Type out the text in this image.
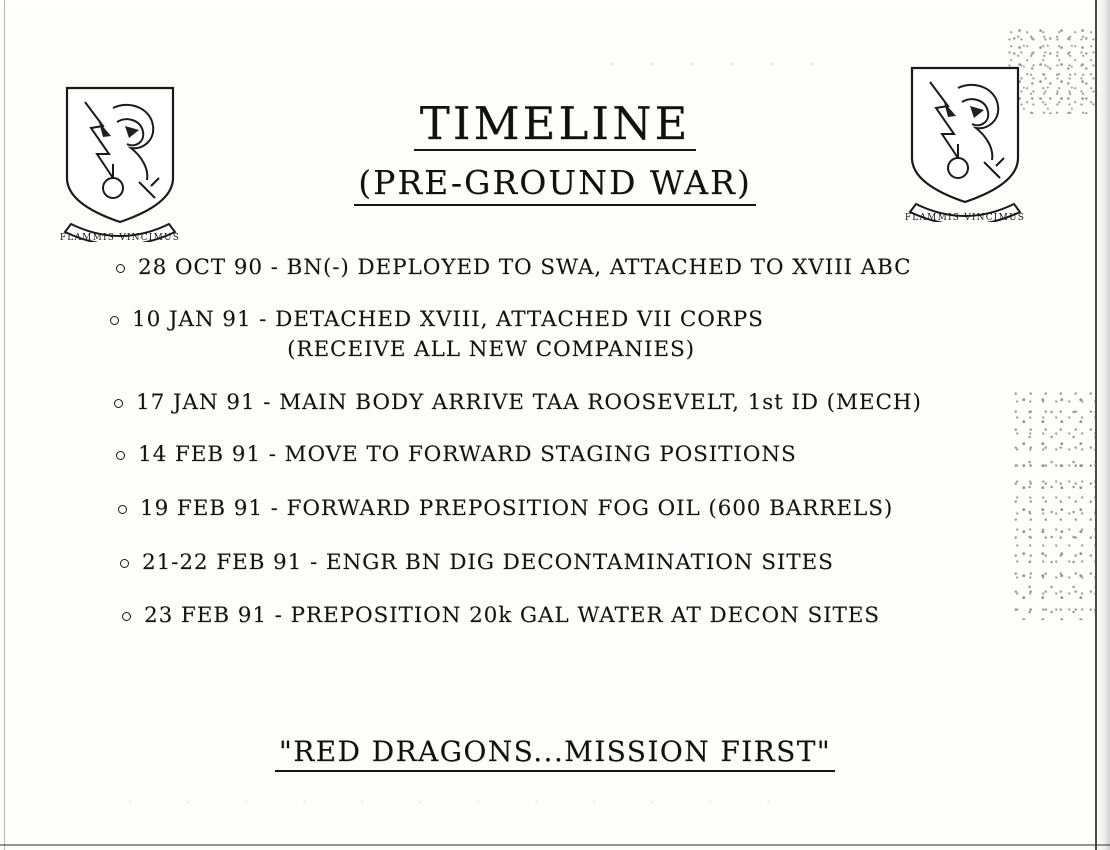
FLAMMIS VINCIMUS
FLAMMIS VINCIMUS
TIMELINE
(PRE-GROUND WAR)
28 OCT 90 - BN(-) DEPLOYED TO SWA, ATTACHED TO XVIII ABC
10 JAN 91 - DETACHED XVIII, ATTACHED VII CORPS
(RECEIVE ALL NEW COMPANIES)
17 JAN 91 - MAIN BODY ARRIVE TAA ROOSEVELT, 1st ID (MECH)
14 FEB 91 - MOVE TO FORWARD STAGING POSITIONS
19 FEB 91 - FORWARD PREPOSITION FOG OIL (600 BARRELS)
21-22 FEB 91 - ENGR BN DIG DECONTAMINATION SITES
23 FEB 91 - PREPOSITION 20k GAL WATER AT DECON SITES
"RED DRAGONS...MISSION FIRST"
